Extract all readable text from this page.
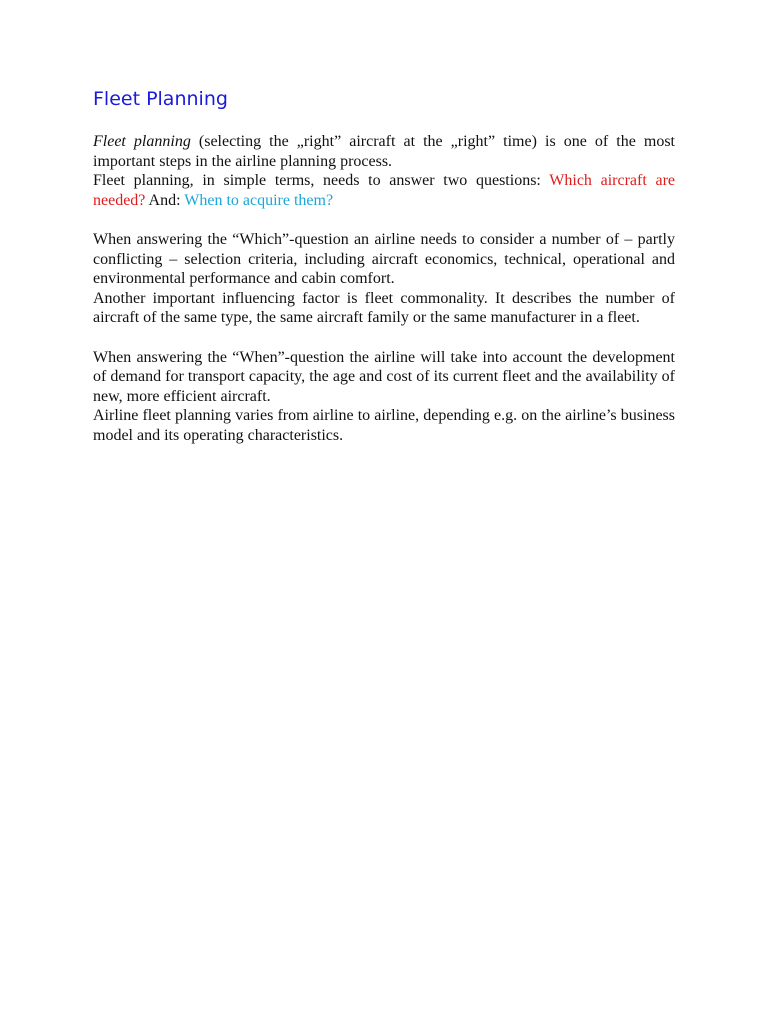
Fleet Planning

Fleet planning (selecting the „right” aircraft at the „right” time) is one of the most important steps in the airline planning process.

Fleet planning, in simple terms, needs to answer two questions: Which aircraft are needed? And: When to acquire them?

When answering the “Which”-question an airline needs to consider a number of – partly conflicting – selection criteria, including aircraft economics, technical, operational and environmental performance and cabin comfort.

Another important influencing factor is fleet commonality. It describes the number of aircraft of the same type, the same aircraft family or the same manufacturer in a fleet.

When answering the “When”-question the airline will take into account the development of demand for transport capacity, the age and cost of its current fleet and the availability of new, more efficient aircraft.

Airline fleet planning varies from airline to airline, depending e.g. on the airline’s business model and its operating characteristics.
